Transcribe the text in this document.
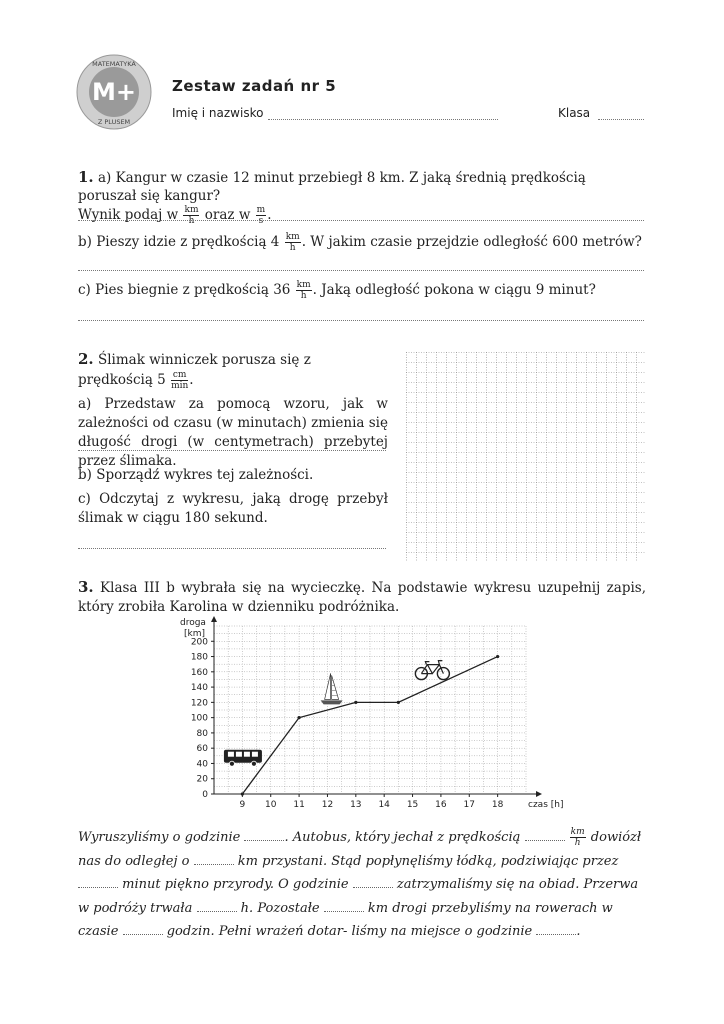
M+
MATEMATYKA
Z PLUSEM
Zestaw zadań nr 5
Imię i nazwisko	Klasa

1. a) Kangur w czasie 12 minut przebiegł 8 km. Z jaką średnią prędkością poruszał się kangur?

Wynik podaj w $\frac{km}{h}$ oraz w $\frac{m}{s}$ .

b) Pieszy idzie z prędkością $4 \frac{km}{h}$ . W jakim czasie przejdzie odległość 600 metrów?
c) Pies biegnie z prędkością $36 \frac{km}{h}$ . Jaką odległość pokona w ciągu 9 minut?

2. Ślimak winniczek porusza się z prędkością $5 \frac{cm}{\min}$ .

a) Przedstaw za pomocą wzoru, jak w zależności od czasu (w minutach) zmienia się długość drogi (w centymetrach) przebytej przez ślimaka.

b) Sporządź wykres tej zależności.
c) Odczytaj z wykresu, jaką drogę przebył ślimak w ciągu 180 sekund.
3. Klasa III b wybrała się na wycieczkę. Na podstawie wykresu uzupełnij zapis, który zrobiła Karolina w dzienniku podróżnika.
9 10 11 12 13 14 15 16 17 18
0
20
40
60
80
100
120
140
160
180
200
droga
[km]
czas [h]
Wyruszyliśmy o godzinie	. Autobus, który jechał z prędkością	$\frac{km}{h}$ dowiózł nas do odległej o	km przystani. Stąd popłynęliśmy łódką, podziwiając przez  minut piękno przyrody. O godzinie	zatrzymaliśmy się na obiad. Przerwa w podróży trwała	h. Pozostałe	km drogi przebyliśmy na rowerach w czasie	godzin. Pełni wrażeń dotar- liśmy na miejsce o godzinie	.
